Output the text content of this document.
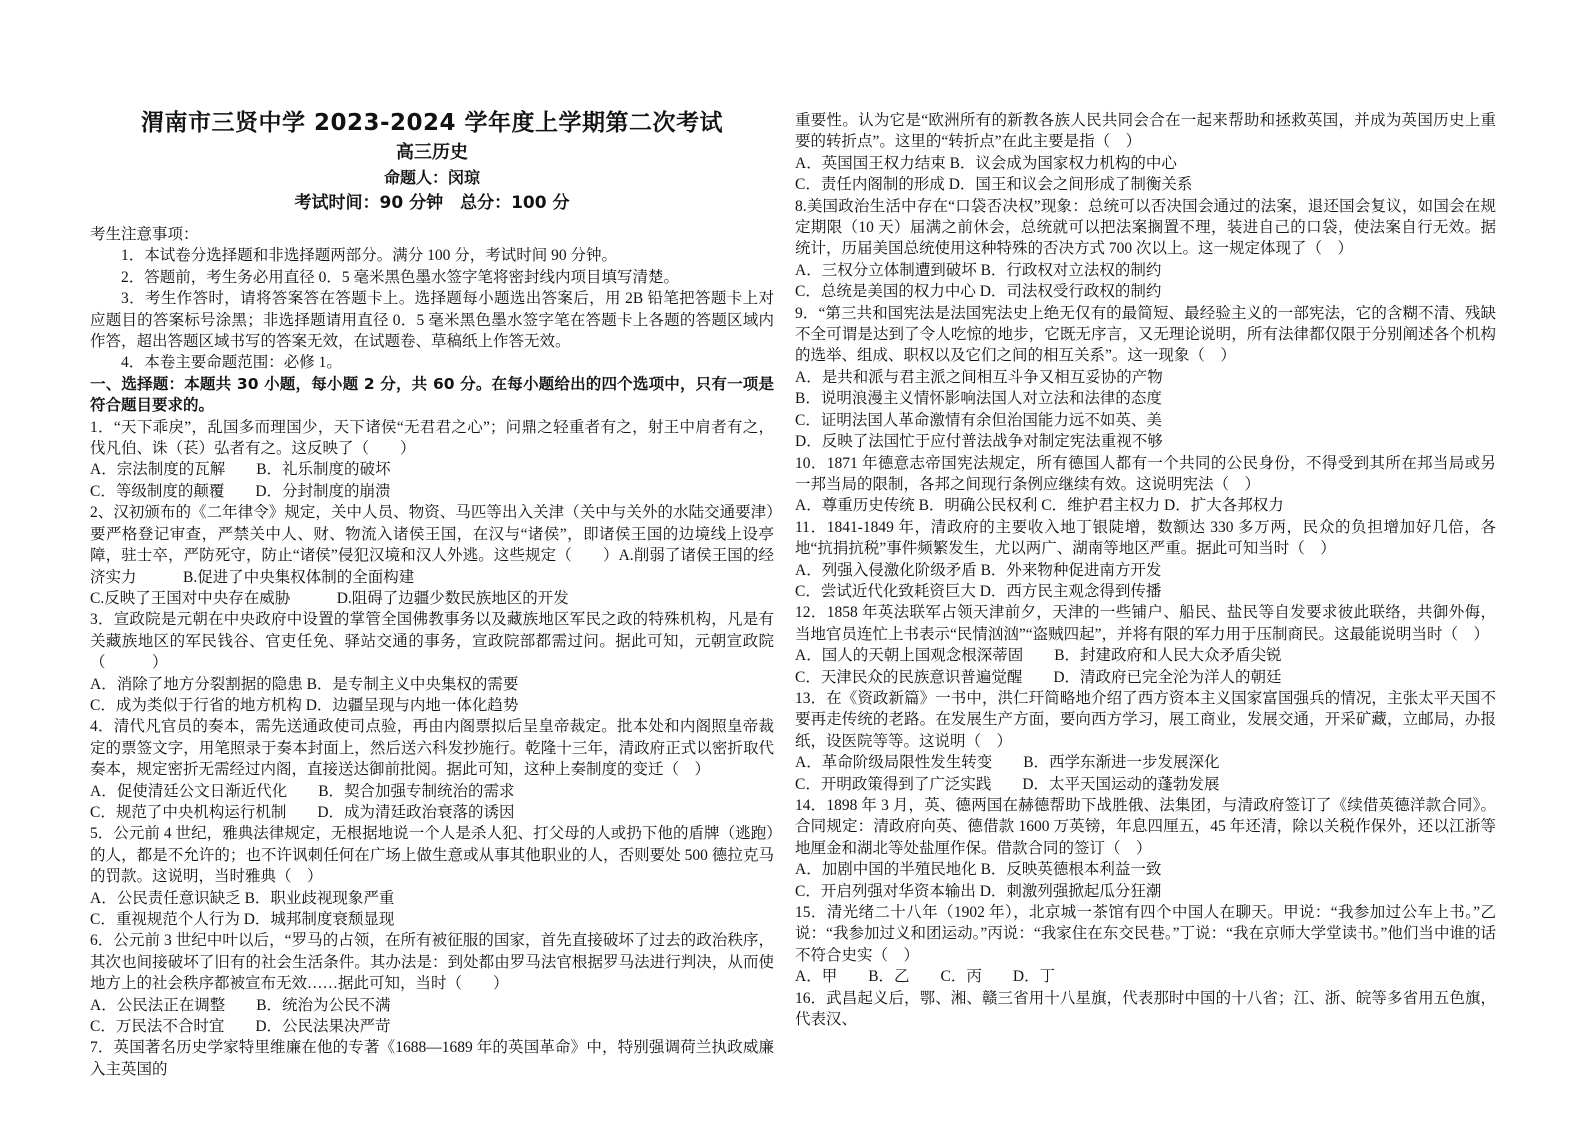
渭南市三贤中学 2023-2024 学年度上学期第二次考试
高三历史
命题人：闵琼
考试时间：90 分钟　总分：100 分

考生注意事项：

1．本试卷分选择题和非选择题两部分。满分 100 分，考试时间 90 分钟。

2．答题前，考生务必用直径 0．5 毫米黑色墨水签字笔将密封线内项目填写清楚。

3．考生作答时，请将答案答在答题卡上。选择题每小题选出答案后，用 2B 铅笔把答题卡上对应题目的答案标号涂黑；非选择题请用直径 0．5 毫米黑色墨水签字笔在答题卡上各题的答题区域内作答，超出答题区域书写的答案无效，在试题卷、草稿纸上作答无效。

4．本卷主要命题范围：必修 1。

一、选择题：本题共 30 小题，每小题 2 分，共 60 分。在每小题给出的四个选项中，只有一项是符合题目要求的。

1．“天下乖戾”，乱国多而理国少，天下诸侯“无君君之心”；问鼎之轻重者有之，射王中肩者有之，伐凡伯、诛（苌）弘者有之。这反映了（　　）

A．宗法制度的瓦解　　B．礼乐制度的破坏

C．等级制度的颠覆　　D．分封制度的崩溃

2、汉初颁布的《二年律令》规定，关中人员、物资、马匹等出入关津（关中与关外的水陆交通要津）要严格登记审查，严禁关中人、财、物流入诸侯王国，在汉与“诸侯”，即诸侯王国的边境线上设亭障，驻士卒，严防死守，防止“诸侯”侵犯汉境和汉人外逃。这些规定（　　）A.削弱了诸侯王国的经济实力　　　B.促进了中央集权体制的全面构建

C.反映了王国对中央存在威胁　　　D.阻碍了边疆少数民族地区的开发

3．宣政院是元朝在中央政府中设置的掌管全国佛教事务以及藏族地区军民之政的特殊机构，凡是有关藏族地区的军民钱谷、官吏任免、驿站交通的事务，宣政院部都需过问。据此可知，元朝宣政院（　　　）

A．消除了地方分裂割据的隐患 B．是专制主义中央集权的需要

C．成为类似于行省的地方机构 D．边疆呈现与内地一体化趋势

4．清代凡官员的奏本，需先送通政使司点验，再由内阁票拟后呈皇帝裁定。批本处和内阁照皇帝裁定的票签文字，用笔照录于奏本封面上，然后送六科发抄施行。乾隆十三年，清政府正式以密折取代奏本，规定密折无需经过内阁，直接送达御前批阅。据此可知，这种上奏制度的变迁（　）

A．促使清廷公文日渐近代化　　B．契合加强专制统治的需求

C．规范了中央机构运行机制　　D．成为清廷政治衰落的诱因

5．公元前 4 世纪，雅典法律规定，无根据地说一个人是杀人犯、打父母的人或扔下他的盾牌（逃跑）的人，都是不允许的；也不许讽刺任何在广场上做生意或从事其他职业的人，否则要处 500 德拉克马的罚款。这说明，当时雅典（　）

A．公民责任意识缺乏 B．职业歧视现象严重

C．重视规范个人行为 D．城邦制度衰颓显现

6．公元前 3 世纪中叶以后，“罗马的占领，在所有被征服的国家，首先直接破坏了过去的政治秩序，其次也间接破坏了旧有的社会生活条件。其办法是：到处都由罗马法官根据罗马法进行判决，从而使地方上的社会秩序都被宣布无效……据此可知，当时（　　）

A．公民法正在调整　　B．统治为公民不满

C．万民法不合时宜　　D．公民法果决严苛

7．英国著名历史学家特里维廉在他的专著《1688—1689 年的英国革命》中，特别强调荷兰执政威廉入主英国的

重要性。认为它是“欧洲所有的新教各族人民共同会合在一起来帮助和拯救英国，并成为英国历史上重要的转折点”。这里的“转折点”在此主要是指（　）

A．英国国王权力结束 B．议会成为国家权力机构的中心

C．责任内阁制的形成 D．国王和议会之间形成了制衡关系

8.美国政治生活中存在“口袋否决权”现象：总统可以否决国会通过的法案，退还国会复议，如国会在规定期限（10 天）届满之前休会，总统就可以把法案搁置不理，装进自己的口袋，使法案自行无效。据统计，历届美国总统使用这种特殊的否决方式 700 次以上。这一规定体现了（　）

A．三权分立体制遭到破坏 B．行政权对立法权的制约

C．总统是美国的权力中心 D．司法权受行政权的制约

9．“第三共和国宪法是法国宪法史上绝无仅有的最简短、最经验主义的一部宪法，它的含糊不清、残缺不全可谓是达到了令人吃惊的地步，它既无序言，又无理论说明，所有法律都仅限于分别阐述各个机构的选举、组成、职权以及它们之间的相互关系”。这一现象（　）

A．是共和派与君主派之间相互斗争又相互妥协的产物

B．说明浪漫主义情怀影响法国人对立法和法律的态度

C．证明法国人革命激情有余但治国能力远不如英、美

D．反映了法国忙于应付普法战争对制定宪法重视不够

10．1871 年德意志帝国宪法规定，所有德国人都有一个共同的公民身份，不得受到其所在邦当局或另一邦当局的限制，各邦之间现行条例应继续有效。这说明宪法（　）

A．尊重历史传统 B．明确公民权利 C．维护君主权力 D．扩大各邦权力

11．1841-1849 年，清政府的主要收入地丁银陡增，数额达 330 多万两，民众的负担增加好几倍，各地“抗捐抗税”事件频繁发生，尤以两广、湖南等地区严重。据此可知当时（　）

A．列强入侵激化阶级矛盾 B．外来物种促进南方开发

C．尝试近代化致耗资巨大 D．西方民主观念得到传播

12．1858 年英法联军占领天津前夕，天津的一些铺户、船民、盐民等自发要求彼此联络，共御外侮，当地官员连忙上书表示“民情汹汹”“盗贼四起”，并将有限的军力用于压制商民。这最能说明当时（　）

A．国人的天朝上国观念根深蒂固　　B．封建政府和人民大众矛盾尖锐

C．天津民众的民族意识普遍觉醒　　D．清政府已完全沦为洋人的朝廷

13．在《资政新篇》一书中，洪仁玕简略地介绍了西方资本主义国家富国强兵的情况，主张太平天国不要再走传统的老路。在发展生产方面，要向西方学习，展工商业，发展交通，开采矿藏，立邮局，办报纸，设医院等等。这说明（　）

A．革命阶级局限性发生转变　　B．西学东渐进一步发展深化

C．开明政策得到了广泛实践　　D．太平天国运动的蓬勃发展

14．1898 年 3 月，英、德两国在赫德帮助下战胜俄、法集团，与清政府签订了《续借英德洋款合同》。合同规定：清政府向英、德借款 1600 万英镑，年息四厘五，45 年还清，除以关税作保外，还以江浙等地厘金和湖北等处盐厘作保。借款合同的签订（　）

A．加剧中国的半殖民地化 B．反映英德根本利益一致

C．开启列强对华资本输出 D．刺激列强掀起瓜分狂潮

15．清光绪二十八年（1902 年），北京城一茶馆有四个中国人在聊天。甲说：“我参加过公车上书。”乙说：“我参加过义和团运动。”丙说：“我家住在东交民巷。”丁说：“我在京师大学堂读书。”他们当中谁的话不符合史实（　）

A．甲　　B．乙　　C．丙　　D．丁

16．武昌起义后，鄂、湘、赣三省用十八星旗，代表那时中国的十八省；江、浙、皖等多省用五色旗，代表汉、
